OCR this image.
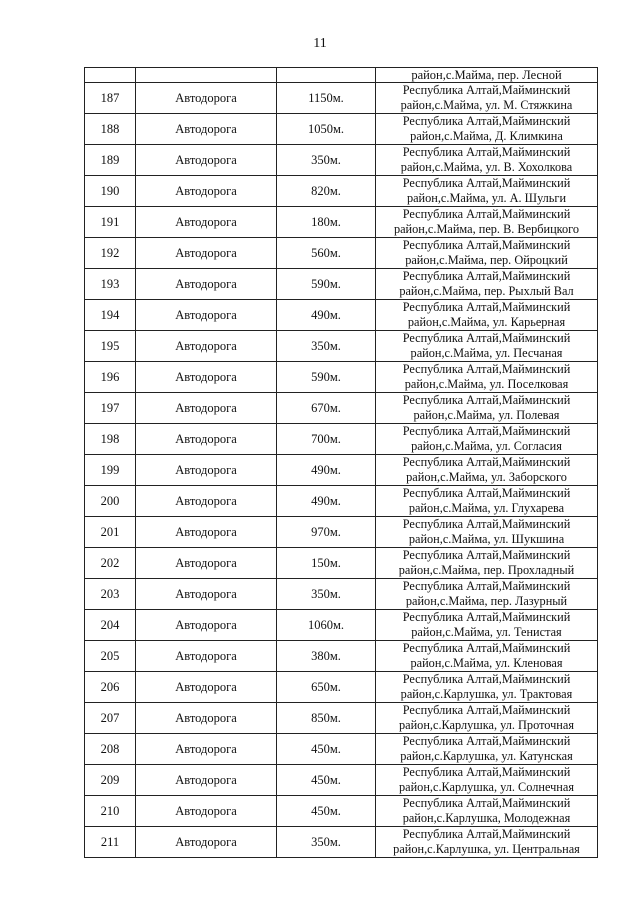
11
			район,с.Майма, пер. Лесной
187	Автодорога	1150м.	Республика Алтай,Майминский
район,с.Майма, ул. М. Стяжкина

188	Автодорога	1050м.	Республика Алтай,Майминский
район,с.Майма, Д. Климкина

189	Автодорога	350м.	Республика Алтай,Майминский
район,с.Майма, ул. В. Хохолкова

190	Автодорога	820м.	Республика Алтай,Майминский
район,с.Майма, ул. А. Шульги

191	Автодорога	180м.	Республика Алтай,Майминский
район,с.Майма, пер. В. Вербицкого

192	Автодорога	560м.	Республика Алтай,Майминский
район,с.Майма, пер. Ойроцкий

193	Автодорога	590м.	Республика Алтай,Майминский
район,с.Майма, пер. Рыхлый Вал

194	Автодорога	490м.	Республика Алтай,Майминский
район,с.Майма, ул. Карьерная

195	Автодорога	350м.	Республика Алтай,Майминский
район,с.Майма, ул. Песчаная

196	Автодорога	590м.	Республика Алтай,Майминский
район,с.Майма, ул. Поселковая

197	Автодорога	670м.	Республика Алтай,Майминский
район,с.Майма, ул. Полевая

198	Автодорога	700м.	Республика Алтай,Майминский
район,с.Майма, ул. Согласия

199	Автодорога	490м.	Республика Алтай,Майминский
район,с.Майма, ул. Заборского

200	Автодорога	490м.	Республика Алтай,Майминский
район,с.Майма, ул. Глухарева

201	Автодорога	970м.	Республика Алтай,Майминский
район,с.Майма, ул. Шукшина

202	Автодорога	150м.	Республика Алтай,Майминский
район,с.Майма, пер. Прохладный

203	Автодорога	350м.	Республика Алтай,Майминский
район,с.Майма, пер. Лазурный

204	Автодорога	1060м.	Республика Алтай,Майминский
район,с.Майма, ул. Тенистая

205	Автодорога	380м.	Республика Алтай,Майминский
район,с.Майма, ул. Кленовая

206	Автодорога	650м.	Республика Алтай,Майминский
район,с.Карлушка, ул. Трактовая

207	Автодорога	850м.	Республика Алтай,Майминский
район,с.Карлушка, ул. Проточная

208	Автодорога	450м.	Республика Алтай,Майминский
район,с.Карлушка, ул. Катунская

209	Автодорога	450м.	Республика Алтай,Майминский
район,с.Карлушка, ул. Солнечная

210	Автодорога	450м.	Республика Алтай,Майминский
район,с.Карлушка, Молодежная

211	Автодорога	350м.	Республика Алтай,Майминский
район,с.Карлушка, ул. Центральная
